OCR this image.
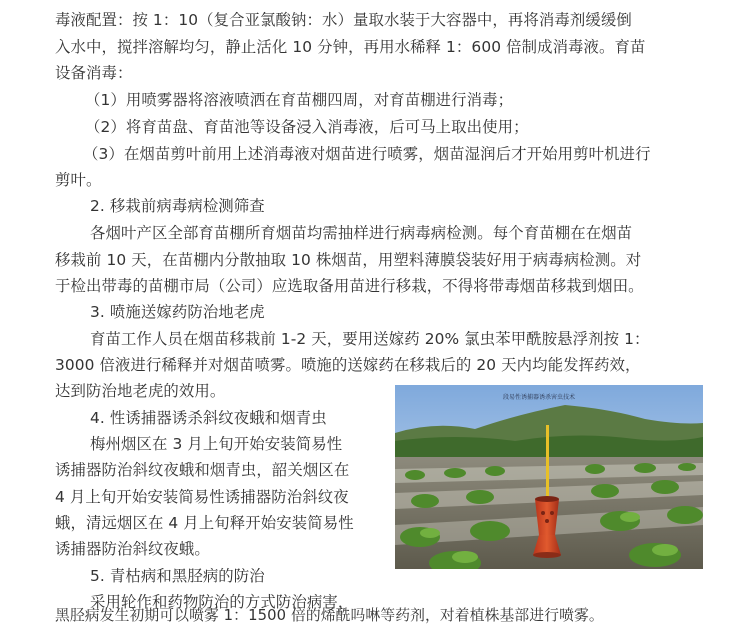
毒液配置：按 1：10（复合亚氯酸钠：水）量取水装于大容器中，再将消毒剂缓缓倒
入水中，搅拌溶解均匀，静止活化 10 分钟，再用水稀释 1：600 倍制成消毒液。育苗
设备消毒：
（1）用喷雾器将溶液喷洒在育苗棚四周，对育苗棚进行消毒；
（2）将育苗盘、育苗池等设备浸入消毒液，后可马上取出使用；
（3）在烟苗剪叶前用上述消毒液对烟苗进行喷雾，烟苗湿润后才开始用剪叶机进行
剪叶。
2. 移栽前病毒病检测筛查
各烟叶产区全部育苗棚所育烟苗均需抽样进行病毒病检测。每个育苗棚在在烟苗
移栽前 10 天，在苗棚内分散抽取 10 株烟苗，用塑料薄膜袋装好用于病毒病检测。对
于检出带毒的苗棚市局（公司）应选取备用苗进行移栽，不得将带毒烟苗移栽到烟田。
3. 喷施送嫁药防治地老虎
育苗工作人员在烟苗移栽前 1-2 天，要用送嫁药 20% 氯虫苯甲酰胺悬浮剂按 1：
3000 倍液进行稀释并对烟苗喷雾。喷施的送嫁药在移栽后的 20 天内均能发挥药效，
达到防治地老虎的效用。
4. 性诱捕器诱杀斜纹夜蛾和烟青虫
梅州烟区在 3 月上旬开始安装简易性
诱捕器防治斜纹夜蛾和烟青虫，韶关烟区在
4 月上旬开始安装简易性诱捕器防治斜纹夜
蛾，清远烟区在 4 月上旬释开始安装简易性
诱捕器防治斜纹夜蛾。
5. 青枯病和黑胫病的防治
采用轮作和药物防治的方式防治病害，
黑胫病发生初期可以喷雾 1：1500 倍的烯酰吗啉等药剂，对着植株基部进行喷雾。
段易性诱捕器诱杀害虫技术
